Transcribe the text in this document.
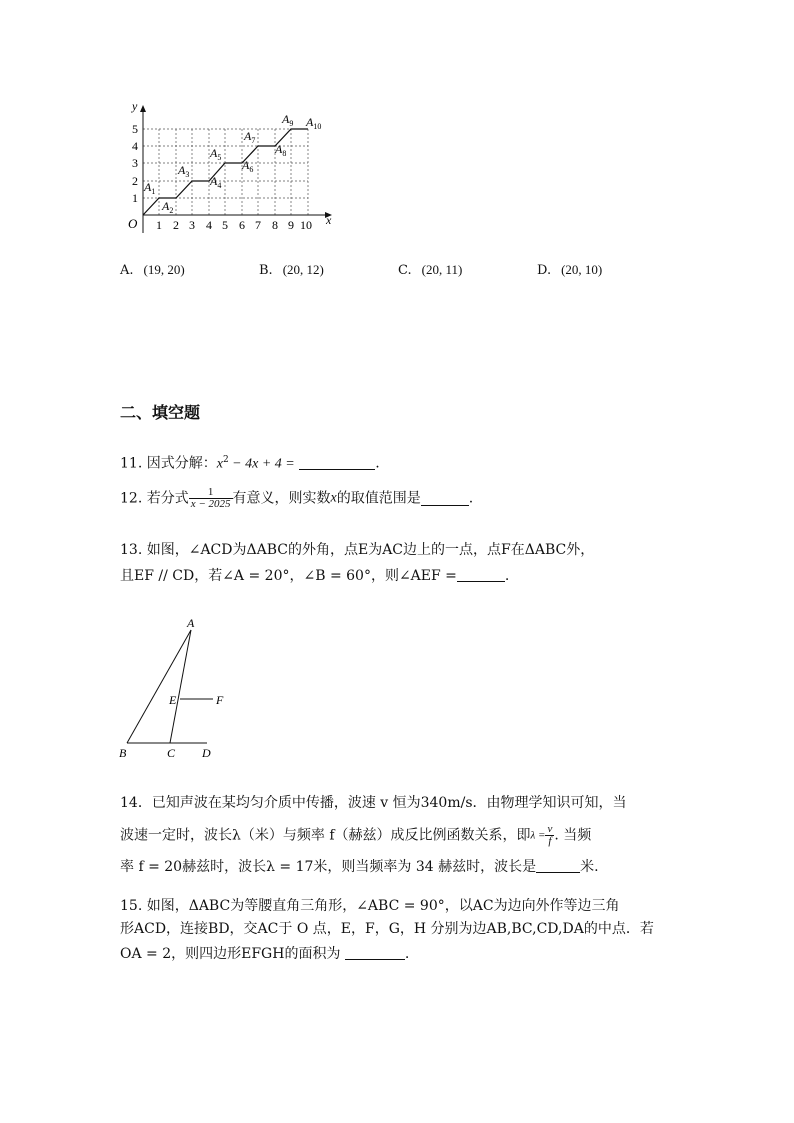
y
x
O
1
2
3
4
5
1 2 3 4 5 6 7 8 9 10
$A_1$
$A_2$
$A_3$ $A_4$
$A_5$
$A_6$
$A_7$
$A_8$
$A_9$ $A_{10}$
A. (19, 20)	B. (20, 12)	C. (20, 11)	D. (20, 10)
二、填空题
11. 因式分解：$x^2 - 4x + 4$ =	.
12. 若分式 $\frac{1}{x - 2025}$ 有意义，则实数x的取值范围是	.
13. 如图，∠ACD为ΔABC的外角，点E为AC边上的一点，点F在ΔABC外，
且EF // CD，若∠A = 20°，∠B = 60°，则∠AEF =	.
A
B	C D
E	F
14．已知声波在某均匀介质中传播，波速 v 恒为340m/s．由物理学知识可知，当
波速一定时，波长λ（米）与频率 f（赫兹）成反比例函数关系，即$\lambda = \frac{v}{f}$ . 当频
率 f = 20赫兹时，波长λ = 17米，则当频率为 34 赫兹时，波长是	米.
15. 如图，ΔABC为等腰直角三角形，∠ABC = 90°，以AC为边向外作等边三角
形ACD，连接BD，交AC于 O 点，E，F，G，H 分别为边AB,BC,CD,DA的中点．若
OA = 2，则四边形EFGH的面积为	.
